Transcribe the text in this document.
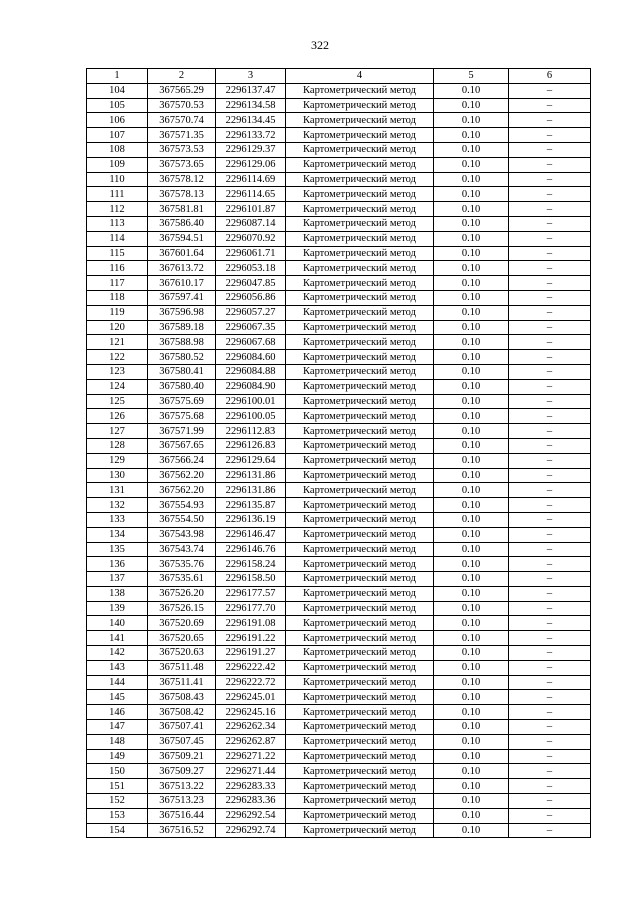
322
1	2	3	4	5	6
104	367565.29	2296137.47	Картометрический метод	0.10	–
105	367570.53	2296134.58	Картометрический метод	0.10	–
106	367570.74	2296134.45	Картометрический метод	0.10	–
107	367571.35	2296133.72	Картометрический метод	0.10	–
108	367573.53	2296129.37	Картометрический метод	0.10	–
109	367573.65	2296129.06	Картометрический метод	0.10	–
110	367578.12	2296114.69	Картометрический метод	0.10	–
111	367578.13	2296114.65	Картометрический метод	0.10	–
112	367581.81	2296101.87	Картометрический метод	0.10	–
113	367586.40	2296087.14	Картометрический метод	0.10	–
114	367594.51	2296070.92	Картометрический метод	0.10	–
115	367601.64	2296061.71	Картометрический метод	0.10	–
116	367613.72	2296053.18	Картометрический метод	0.10	–
117	367610.17	2296047.85	Картометрический метод	0.10	–
118	367597.41	2296056.86	Картометрический метод	0.10	–
119	367596.98	2296057.27	Картометрический метод	0.10	–
120	367589.18	2296067.35	Картометрический метод	0.10	–
121	367588.98	2296067.68	Картометрический метод	0.10	–
122	367580.52	2296084.60	Картометрический метод	0.10	–
123	367580.41	2296084.88	Картометрический метод	0.10	–
124	367580.40	2296084.90	Картометрический метод	0.10	–
125	367575.69	2296100.01	Картометрический метод	0.10	–
126	367575.68	2296100.05	Картометрический метод	0.10	–
127	367571.99	2296112.83	Картометрический метод	0.10	–
128	367567.65	2296126.83	Картометрический метод	0.10	–
129	367566.24	2296129.64	Картометрический метод	0.10	–
130	367562.20	2296131.86	Картометрический метод	0.10	–
131	367562.20	2296131.86	Картометрический метод	0.10	–
132	367554.93	2296135.87	Картометрический метод	0.10	–
133	367554.50	2296136.19	Картометрический метод	0.10	–
134	367543.98	2296146.47	Картометрический метод	0.10	–
135	367543.74	2296146.76	Картометрический метод	0.10	–
136	367535.76	2296158.24	Картометрический метод	0.10	–
137	367535.61	2296158.50	Картометрический метод	0.10	–
138	367526.20	2296177.57	Картометрический метод	0.10	–
139	367526.15	2296177.70	Картометрический метод	0.10	–
140	367520.69	2296191.08	Картометрический метод	0.10	–
141	367520.65	2296191.22	Картометрический метод	0.10	–
142	367520.63	2296191.27	Картометрический метод	0.10	–
143	367511.48	2296222.42	Картометрический метод	0.10	–
144	367511.41	2296222.72	Картометрический метод	0.10	–
145	367508.43	2296245.01	Картометрический метод	0.10	–
146	367508.42	2296245.16	Картометрический метод	0.10	–
147	367507.41	2296262.34	Картометрический метод	0.10	–
148	367507.45	2296262.87	Картометрический метод	0.10	–
149	367509.21	2296271.22	Картометрический метод	0.10	–
150	367509.27	2296271.44	Картометрический метод	0.10	–
151	367513.22	2296283.33	Картометрический метод	0.10	–
152	367513.23	2296283.36	Картометрический метод	0.10	–
153	367516.44	2296292.54	Картометрический метод	0.10	–
154	367516.52	2296292.74	Картометрический метод	0.10	–
